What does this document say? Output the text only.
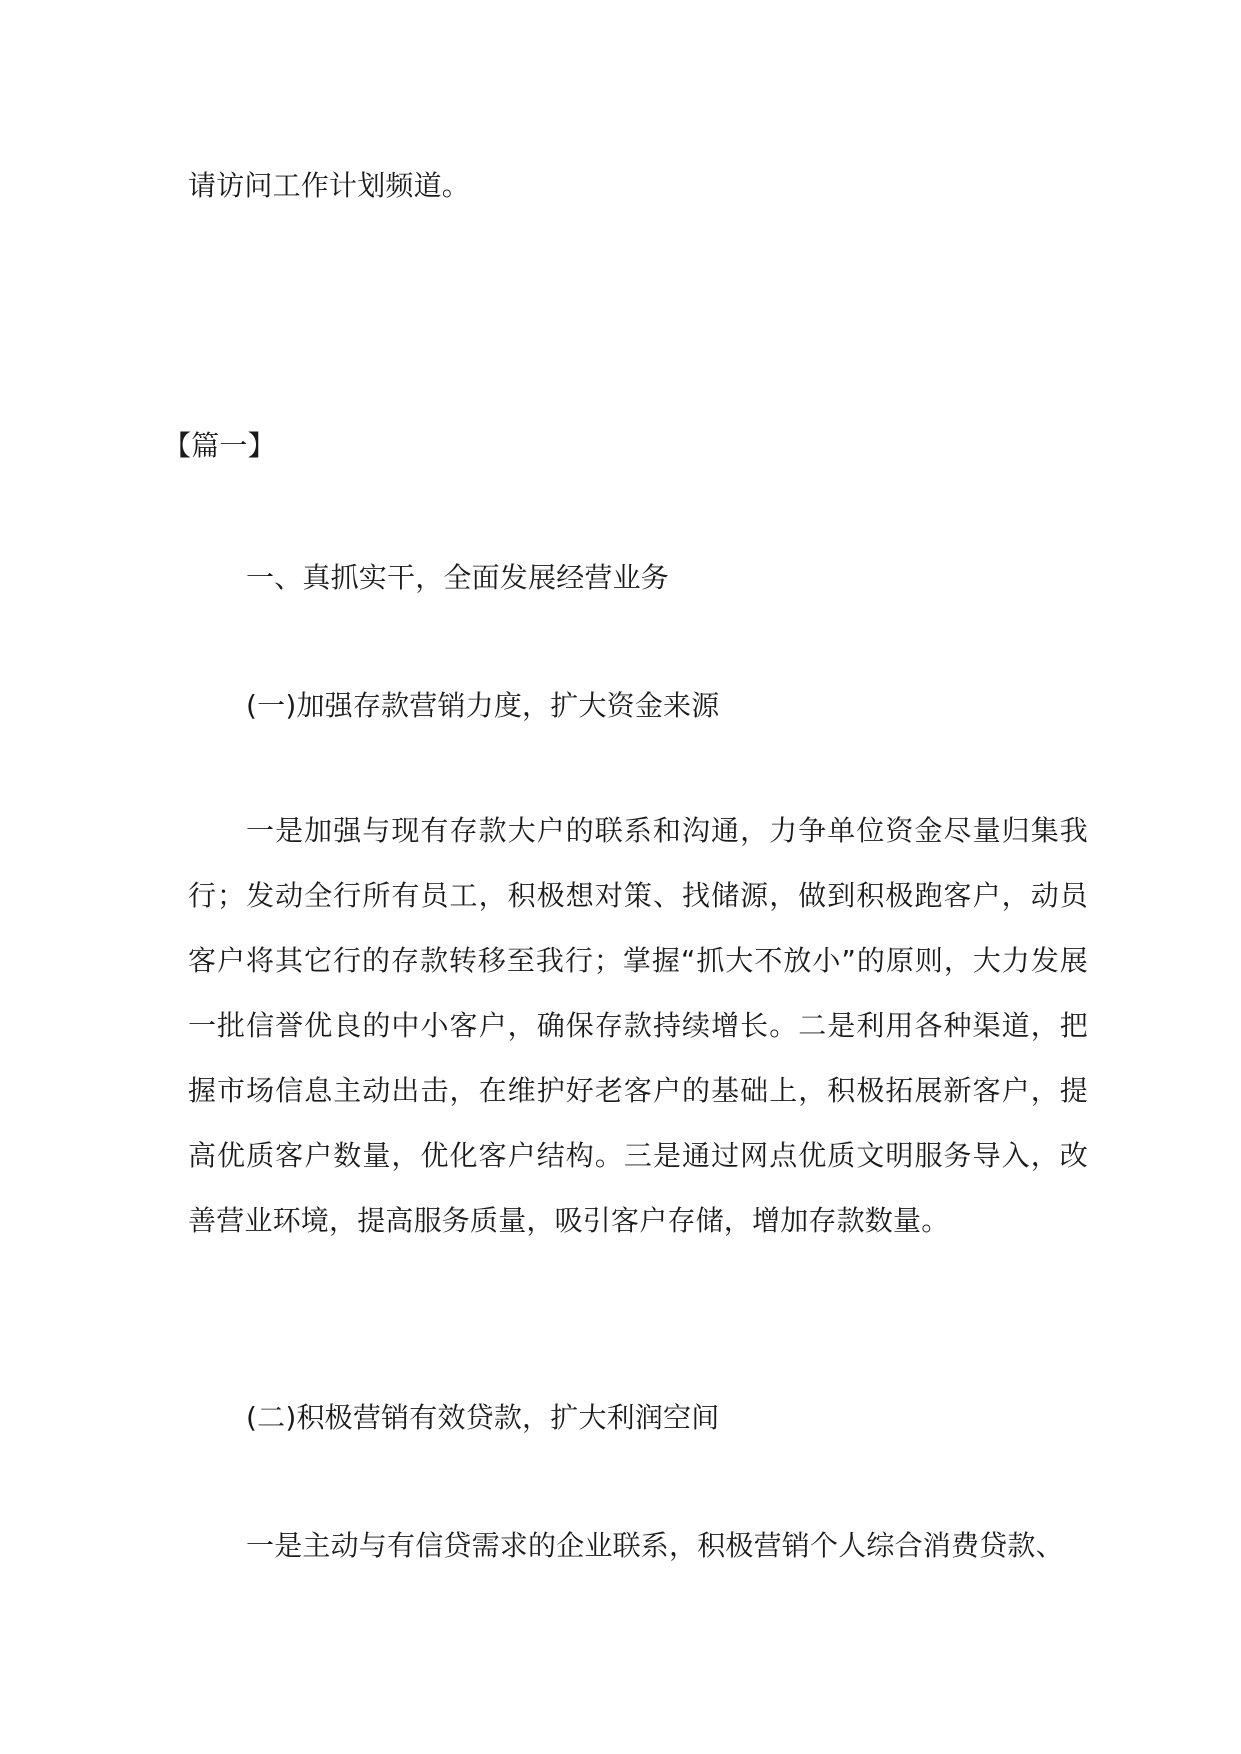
请访问工作计划频道。
【篇一】
一、真抓实干，全面发展经营业务
(一)加强存款营销力度，扩大资金来源

一是加强与现有存款大户的联系和沟通，力争单位资金尽量归集我行；发动全行所有员工，积极想对策、找储源，做到积极跑客户，动员客户将其它行的存款转移至我行；掌握“抓大不放小”的原则，大力发展一批信誉优良的中小客户，确保存款持续增长。二是利用各种渠道，把握市场信息主动出击，在维护好老客户的基础上，积极拓展新客户，提高优质客户数量，优化客户结构。三是通过网点优质文明服务导入，改善营业环境，提高服务质量，吸引客户存储，增加存款数量。

(二)积极营销有效贷款，扩大利润空间
一是主动与有信贷需求的企业联系，积极营销个人综合消费贷款、
